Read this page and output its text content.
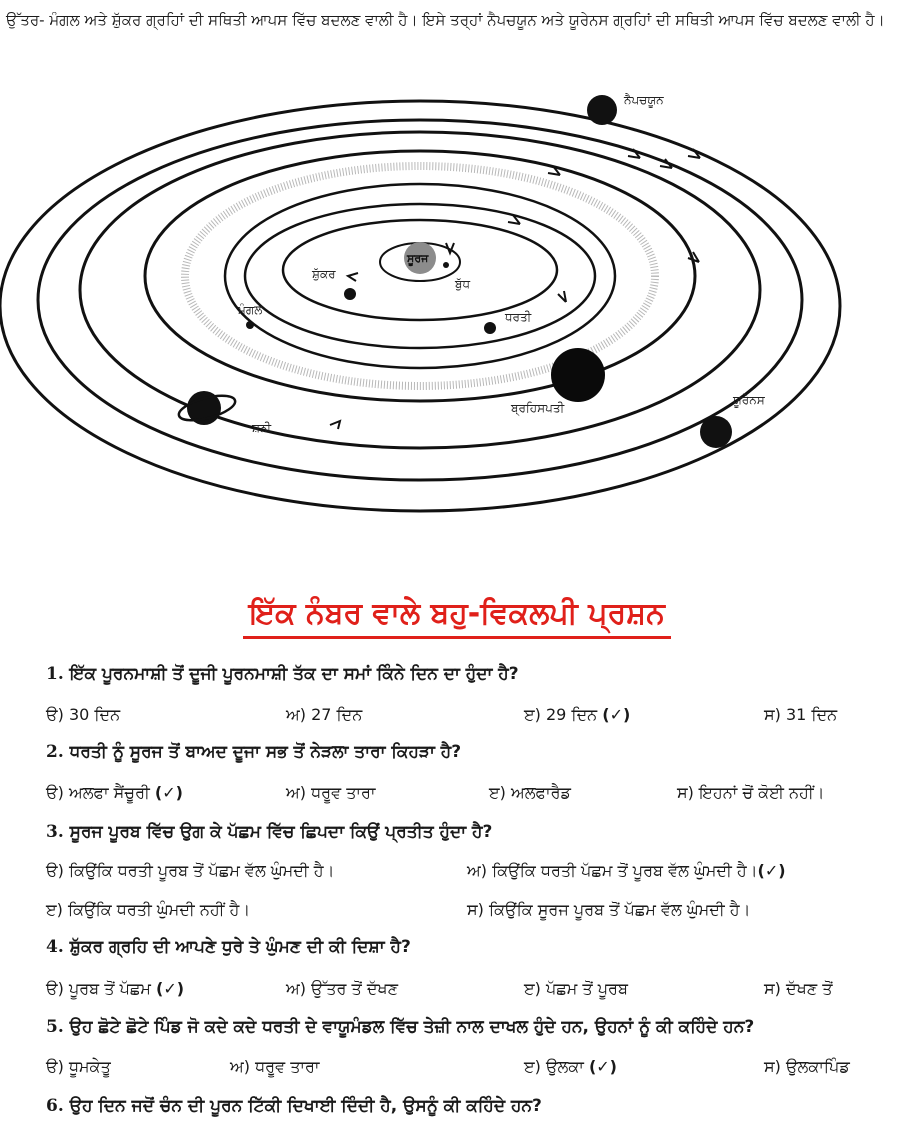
ਉੱਤਰ- ਮੰਗਲ ਅਤੇ ਸ਼ੁੱਕਰ ਗ੍ਰਹਿਾਂ ਦੀ ਸਥਿਤੀ ਆਪਸ ਵਿੱਚ ਬਦਲਣ ਵਾਲੀ ਹੈ। ਇਸੇ ਤਰ੍ਹਾਂ ਨੈਪਚਯੂਨ ਅਤੇ ਯੂਰੇਨਸ ਗ੍ਰਹਿਾਂ ਦੀ ਸਥਿਤੀ ਆਪਸ ਵਿੱਚ ਬਦਲਣ ਵਾਲੀ ਹੈ।

ਸੂਰਜ
ਬੁੱਧ
ਸ਼ੁੱਕਰ
ਧਰਤੀ
ਮੰਗਲ
ਬ੍ਰਹਿਸਪਤੀ
ਸ਼ਨੀ
ਯੂਰੇਨਸ
ਨੈਪਚਯੂਨ
ਇੱਕ ਨੰਬਰ ਵਾਲੇ ਬਹੁ-ਵਿਕਲਪੀ ਪ੍ਰਸ਼ਨ

1. ਇੱਕ ਪੂਰਨਮਾਸ਼ੀ ਤੋਂ ਦੂਜੀ ਪੂਰਨਮਾਸ਼ੀ ਤੱਕ ਦਾ ਸਮਾਂ ਕਿੰਨੇ ਦਿਨ ਦਾ ਹੁੰਦਾ ਹੈ?

ੳ) 30 ਦਿਨ	ਅ) 27 ਦਿਨ	ੲ) 29 ਦਿਨ (✓)	ਸ) 31 ਦਿਨ

2. ਧਰਤੀ ਨੂੰ ਸੂਰਜ ਤੋਂ ਬਾਅਦ ਦੂਜਾ ਸਭ ਤੋਂ ਨੇੜਲਾ ਤਾਰਾ ਕਿਹੜਾ ਹੈ?

ੳ) ਅਲਫਾ ਸੈਂਚੂਰੀ (✓)	ਅ) ਧਰੂਵ ਤਾਰਾ	ੲ) ਅਲਫਾਰੈਡ	ਸ) ਇਹਨਾਂ ਚੋਂ ਕੋਈ ਨਹੀਂ।

3. ਸੂਰਜ ਪੂਰਬ ਵਿੱਚ ਉਗ ਕੇ ਪੱਛਮ ਵਿੱਚ ਛਿਪਦਾ ਕਿਉਂ ਪ੍ਰਤੀਤ ਹੁੰਦਾ ਹੈ?

ੳ) ਕਿਉਂਕਿ ਧਰਤੀ ਪੂਰਬ ਤੋਂ ਪੱਛਮ ਵੱਲ ਘੁੰਮਦੀ ਹੈ।	ਅ) ਕਿਉਂਕਿ ਧਰਤੀ ਪੱਛਮ ਤੋਂ ਪੂਰਬ ਵੱਲ ਘੁੰਮਦੀ ਹੈ।(✓)

ੲ) ਕਿਉਂਕਿ ਧਰਤੀ ਘੁੰਮਦੀ ਨਹੀਂ ਹੈ।	ਸ) ਕਿਉਂਕਿ ਸੂਰਜ ਪੂਰਬ ਤੋਂ ਪੱਛਮ ਵੱਲ ਘੁੰਮਦੀ ਹੈ।

4. ਸ਼ੁੱਕਰ ਗ੍ਰਹਿ ਦੀ ਆਪਣੇ ਧੁਰੇ ਤੇ ਘੁੰਮਣ ਦੀ ਕੀ ਦਿਸ਼ਾ ਹੈ?

ੳ) ਪੂਰਬ ਤੋਂ ਪੱਛਮ (✓)	ਅ) ਉੱਤਰ ਤੋਂ ਦੱਖਣ	ੲ) ਪੱਛਮ ਤੋਂ ਪੂਰਬ	ਸ) ਦੱਖਣ ਤੋਂ

5. ਉਹ ਛੋਟੇ ਛੋਟੇ ਪਿੰਡ ਜੋ ਕਦੇ ਕਦੇ ਧਰਤੀ ਦੇ ਵਾਯੂਮੰਡਲ ਵਿੱਚ ਤੇਜ਼ੀ ਨਾਲ ਦਾਖਲ ਹੁੰਦੇ ਹਨ, ਉਹਨਾਂ ਨੂੰ ਕੀ ਕਹਿੰਦੇ ਹਨ?

ੳ) ਧੂਮਕੇਤੂ	ਅ) ਧਰੂਵ ਤਾਰਾ	ੲ) ਉਲਕਾ (✓)	ਸ) ਉਲਕਾਪਿੰਡ

6. ਉਹ ਦਿਨ ਜਦੋਂ ਚੰਨ ਦੀ ਪੂਰਨ ਟਿੱਕੀ ਦਿਖਾਈ ਦਿੰਦੀ ਹੈ, ਉਸਨੂੰ ਕੀ ਕਹਿੰਦੇ ਹਨ?
